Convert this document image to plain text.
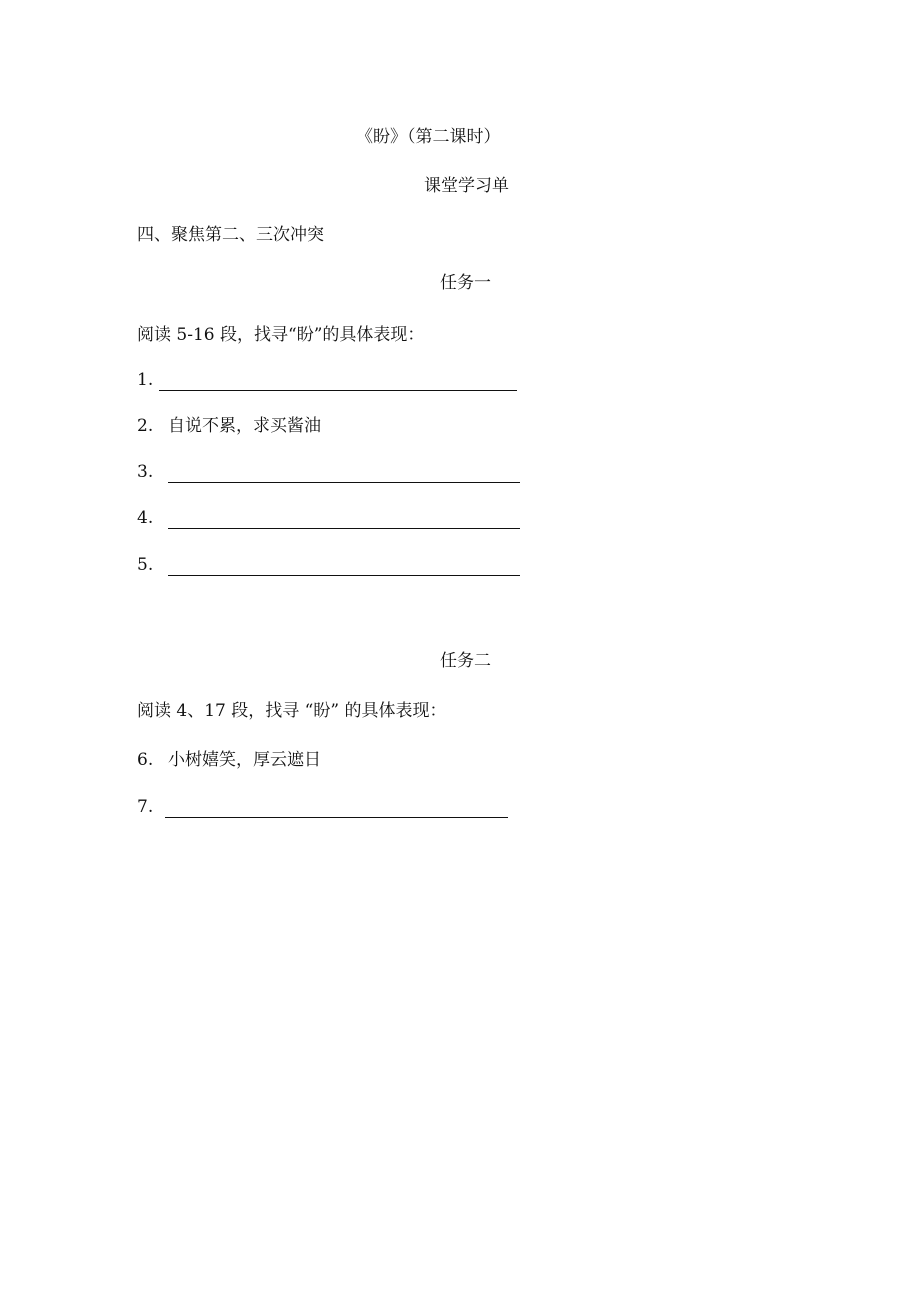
《盼》（第二课时）
课堂学习单
四、聚焦第二、三次冲突
任务一
阅读 5-16 段，找寻“盼”的具体表现：
1.
2. 自说不累，求买酱油
3.
4.
5.
任务二
阅读 4、17 段，找寻 “盼” 的具体表现：
6. 小树嬉笑，厚云遮日
7.
